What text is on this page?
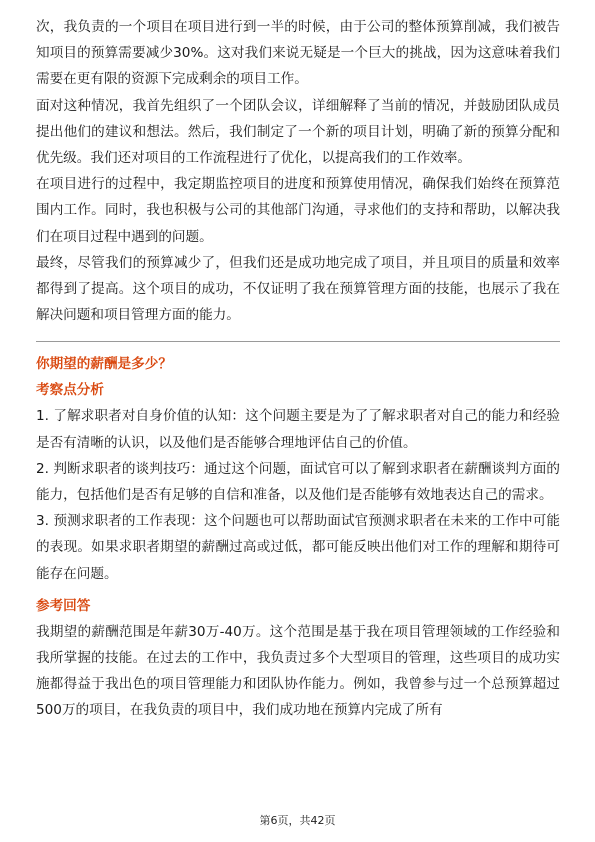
次，我负责的一个项目在项目进行到一半的时候，由于公司的整体预算削减，我们被告知项目的预算需要减少30%。这对我们来说无疑是一个巨大的挑战，因为这意味着我们需要在更有限的资源下完成剩余的项目工作。

面对这种情况，我首先组织了一个团队会议，详细解释了当前的情况，并鼓励团队成员提出他们的建议和想法。然后，我们制定了一个新的项目计划，明确了新的预算分配和优先级。我们还对项目的工作流程进行了优化，以提高我们的工作效率。

在项目进行的过程中，我定期监控项目的进度和预算使用情况，确保我们始终在预算范围内工作。同时，我也积极与公司的其他部门沟通，寻求他们的支持和帮助，以解决我们在项目过程中遇到的问题。

最终，尽管我们的预算减少了，但我们还是成功地完成了项目，并且项目的质量和效率都得到了提高。这个项目的成功，不仅证明了我在预算管理方面的技能，也展示了我在解决问题和项目管理方面的能力。

你期望的薪酬是多少？
考察点分析

1. 了解求职者对自身价值的认知：这个问题主要是为了了解求职者对自己的能力和经验是否有清晰的认识，以及他们是否能够合理地评估自己的价值。

2. 判断求职者的谈判技巧：通过这个问题，面试官可以了解到求职者在薪酬谈判方面的能力，包括他们是否有足够的自信和准备，以及他们是否能够有效地表达自己的需求。

3. 预测求职者的工作表现：这个问题也可以帮助面试官预测求职者在未来的工作中可能的表现。如果求职者期望的薪酬过高或过低，都可能反映出他们对工作的理解和期待可能存在问题。

参考回答

我期望的薪酬范围是年薪30万-40万。这个范围是基于我在项目管理领域的工作经验和我所掌握的技能。在过去的工作中，我负责过多个大型项目的管理，这些项目的成功实施都得益于我出色的项目管理能力和团队协作能力。例如，我曾参与过一个总预算超过500万的项目，在我负责的项目中，我们成功地在预算内完成了所有

第6页，共42页
